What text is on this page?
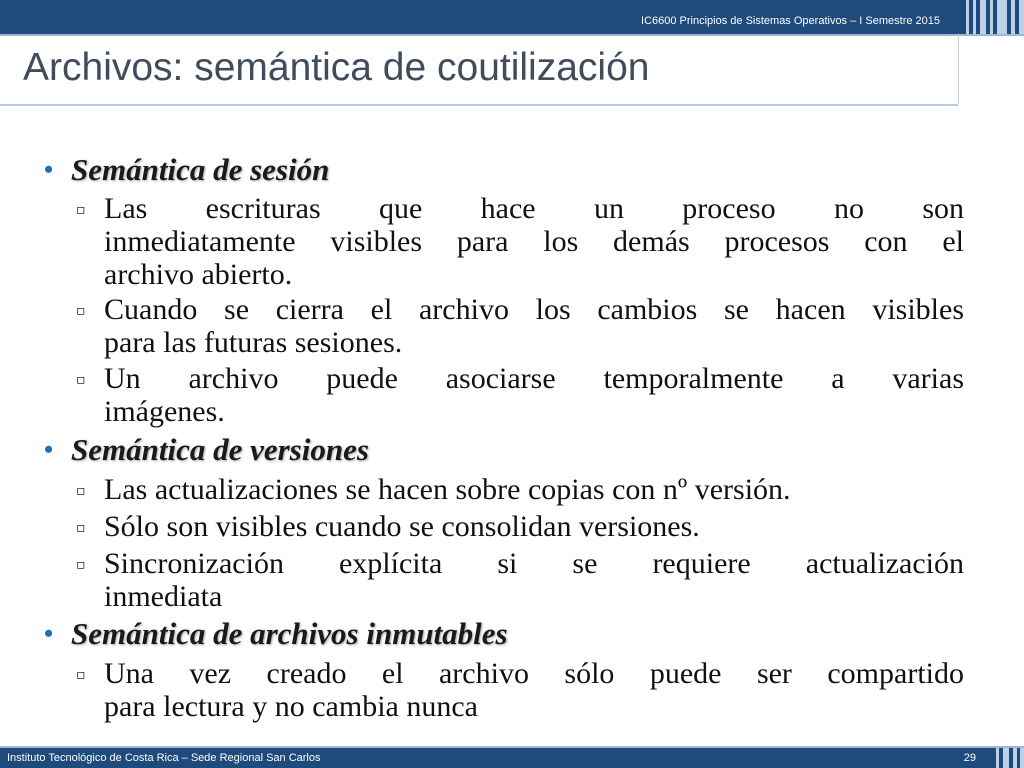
IC6600 Principios de Sistemas Operativos – I Semestre 2015
Archivos: semántica de coutilización
• Semántica de sesión
▫ Las escrituras que hace un proceso no son
inmediatamente visibles para los demás procesos con el
archivo abierto.
▫ Cuando se cierra el archivo los cambios se hacen visibles
para las futuras sesiones.
▫ Un archivo puede asociarse temporalmente a varias
imágenes.
• Semántica de versiones
▫ Las actualizaciones se hacen sobre copias con nº versión.
▫ Sólo son visibles cuando se consolidan versiones.
▫ Sincronización explícita si se requiere actualización
inmediata
• Semántica de archivos inmutables
▫ Una vez creado el archivo sólo puede ser compartido
para lectura y no cambia nunca
Instituto Tecnológico de Costa Rica – Sede Regional San Carlos	29
